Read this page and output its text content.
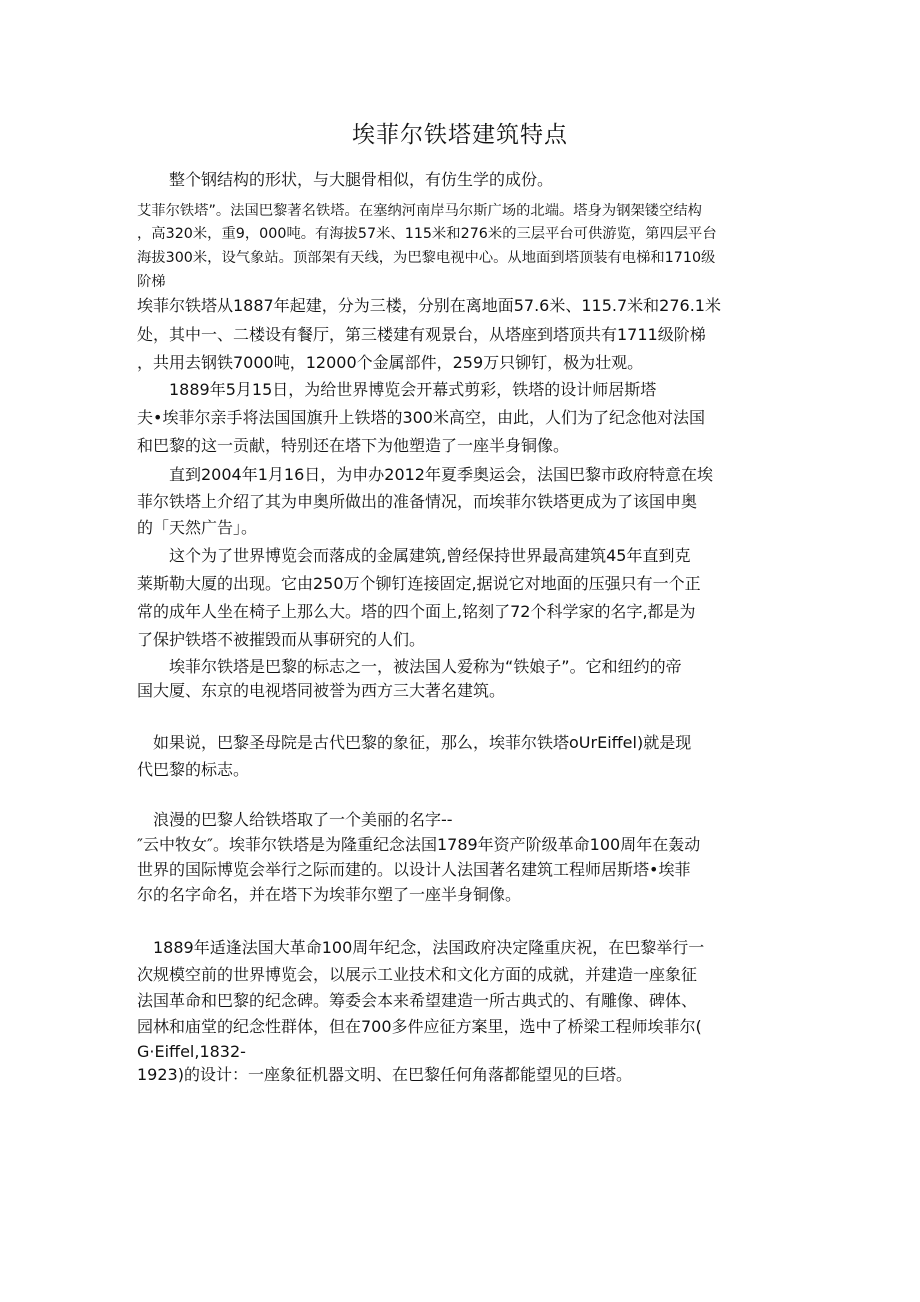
埃菲尔铁塔建筑特点
　　整个钢结构的形状，与大腿骨相似，有仿生学的成份。
艾菲尔铁塔”。法国巴黎著名铁塔。在塞纳河南岸马尔斯广场的北端。塔身为钢架镂空结构
，高320米，重9，000吨。有海拔57米、115米和276米的三层平台可供游览，第四层平台
海拔300米，设气象站。顶部架有天线，为巴黎电视中心。从地面到塔顶装有电梯和1710级
阶梯
埃菲尔铁塔从1887年起建，分为三楼，分别在离地面57.6米、115.7米和276.1米
处，其中一、二楼设有餐厅，第三楼建有观景台，从塔座到塔顶共有1711级阶梯
，共用去钢铁7000吨，12000个金属部件，259万只铆钉，极为壮观。
　　1889年5月15日，为给世界博览会开幕式剪彩，铁塔的设计师居斯塔
夫•埃菲尔亲手将法国国旗升上铁塔的300米高空，由此，人们为了纪念他对法国
和巴黎的这一贡献，特别还在塔下为他塑造了一座半身铜像。
　　直到2004年1月16日，为申办2012年夏季奥运会，法国巴黎市政府特意在埃
菲尔铁塔上介绍了其为申奥所做出的准备情况，而埃菲尔铁塔更成为了该国申奥
的「天然广告」。
　　这个为了世界博览会而落成的金属建筑,曾经保持世界最高建筑45年直到克
莱斯勒大厦的出现。它由250万个铆钉连接固定,据说它对地面的压强只有一个正
常的成年人坐在椅子上那么大。塔的四个面上,铭刻了72个科学家的名字,都是为
了保护铁塔不被摧毁而从事研究的人们。
　　埃菲尔铁塔是巴黎的标志之一，被法国人爱称为“铁娘子”。它和纽约的帝
国大厦、东京的电视塔同被誉为西方三大著名建筑。
　如果说，巴黎圣母院是古代巴黎的象征，那么，埃菲尔铁塔oUrEiffel)就是现
代巴黎的标志。
　浪漫的巴黎人给铁塔取了一个美丽的名字--
″云中牧女″。埃菲尔铁塔是为隆重纪念法国1789年资产阶级革命100周年在轰动
世界的国际博览会举行之际而建的。以设计人法国著名建筑工程师居斯塔•埃菲
尔的名字命名，并在塔下为埃菲尔塑了一座半身铜像。
　1889年适逢法国大革命100周年纪念，法国政府决定隆重庆祝，在巴黎举行一
次规模空前的世界博览会，以展示工业技术和文化方面的成就，并建造一座象征
法国革命和巴黎的纪念碑。筹委会本来希望建造一所古典式的、有雕像、碑体、
园林和庙堂的纪念性群体，但在700多件应征方案里，选中了桥梁工程师埃菲尔(
G·Eiffel,1832-
1923)的设计：一座象征机器文明、在巴黎任何角落都能望见的巨塔。
